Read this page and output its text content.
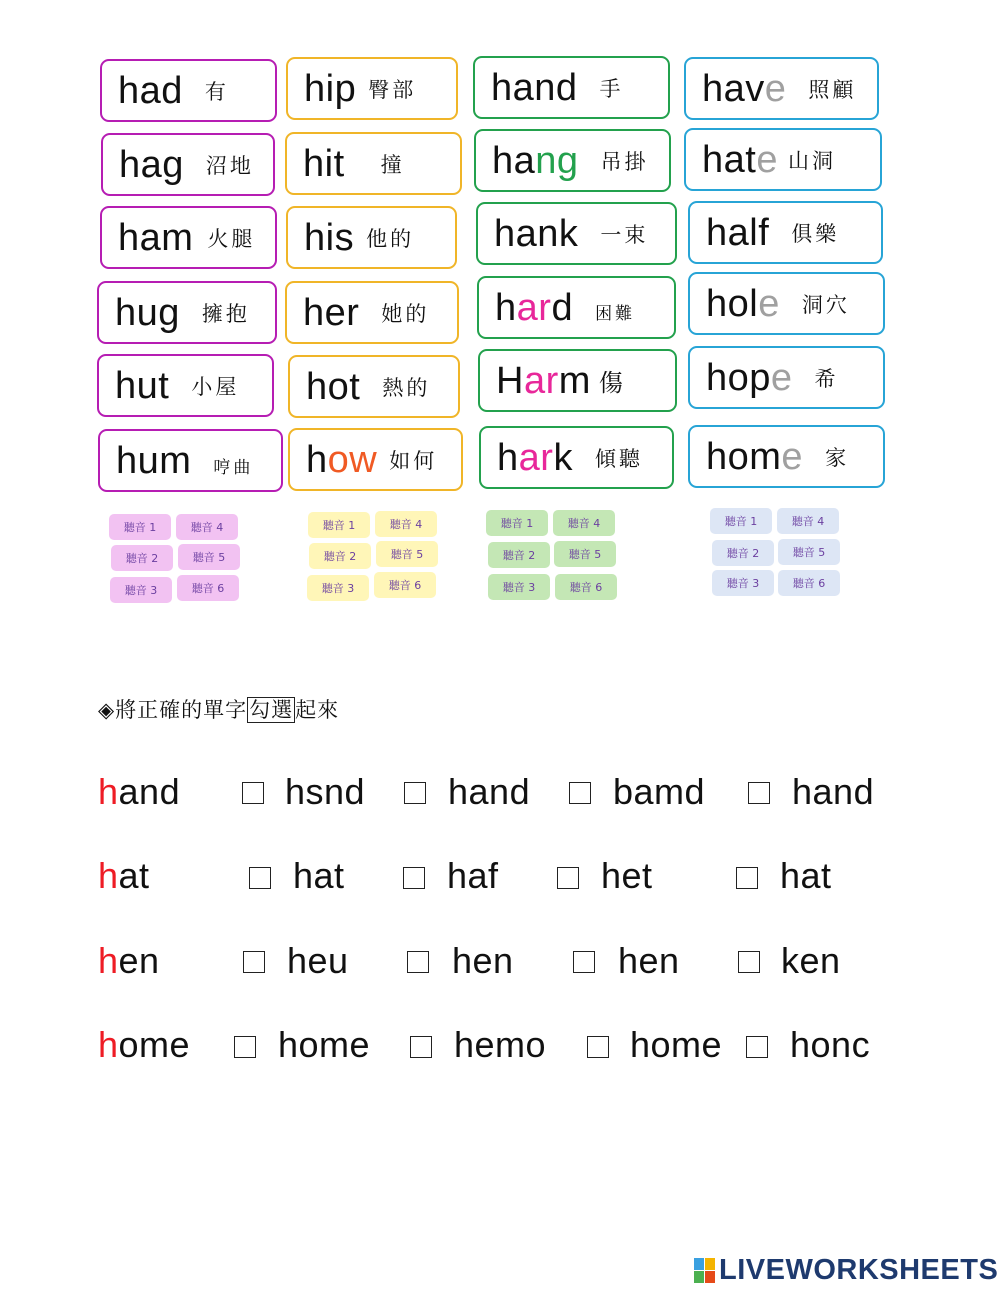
had 有
hag 沼地
ham 火腿
hug 擁抱
hut 小屋
hum 哼曲
hip 臀部
hit 撞
his 他的
her 她的
hot 熱的
how 如何
hand 手
hang 吊掛
hank 一束
hard 困難
Harm 傷
hark 傾聽
have 照顧
hate 山洞
half 俱樂
hole 洞穴
hope 希
home 家
聽音 1	聽音 4
聽音 2	聽音 5
聽音 3	聽音 6
聽音 1	聽音 4
聽音 2	聽音 5
聽音 3	聽音 6
聽音 1	聽音 4
聽音 2	聽音 5
聽音 3	聽音 6
聽音 1	聽音 4
聽音 2	聽音 5
聽音 3	聽音 6
◈將正確的單字勾選起來
hand	hsnd hand bamd hand
hat	hat	haf	het	hat
hen	heu	hen	hen	ken
home home hemo home honc
LIVEWORKSHEETS
